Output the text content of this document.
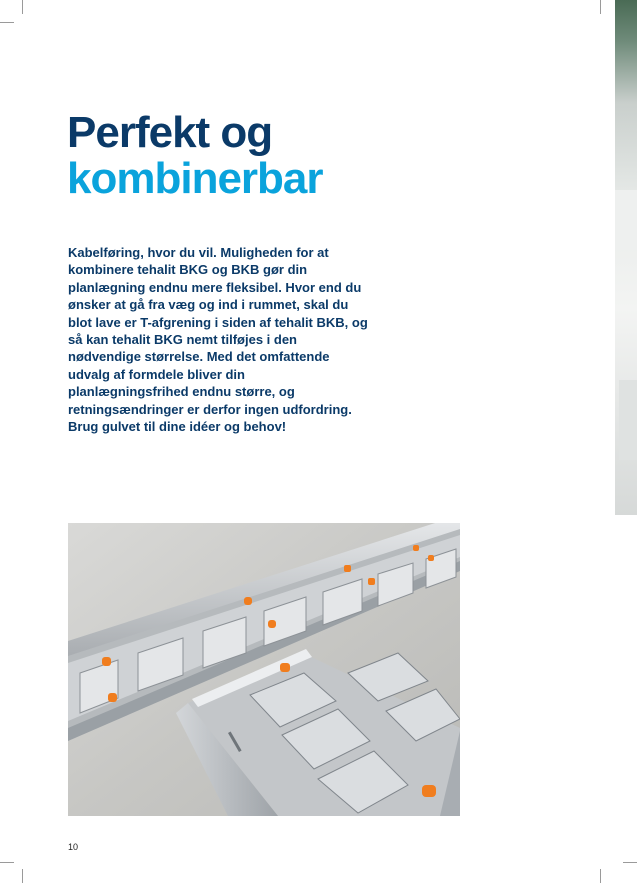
Perfekt og
kombinerbar

Kabelføring, hvor du vil. Muligheden for at kombinere tehalit BKG og BKB gør din planlægning endnu mere fleksibel. Hvor end du ønsker at gå fra væg og ind i rummet, skal du blot lave er T-afgrening i siden af tehalit BKB, og så kan tehalit BKG nemt tilføjes i den nødvendige størrelse. Med det omfattende udvalg af formdele bliver din planlægningsfrihed endnu større, og retningsændringer er derfor ingen udfordring. Brug gulvet til dine idéer og behov!

10
